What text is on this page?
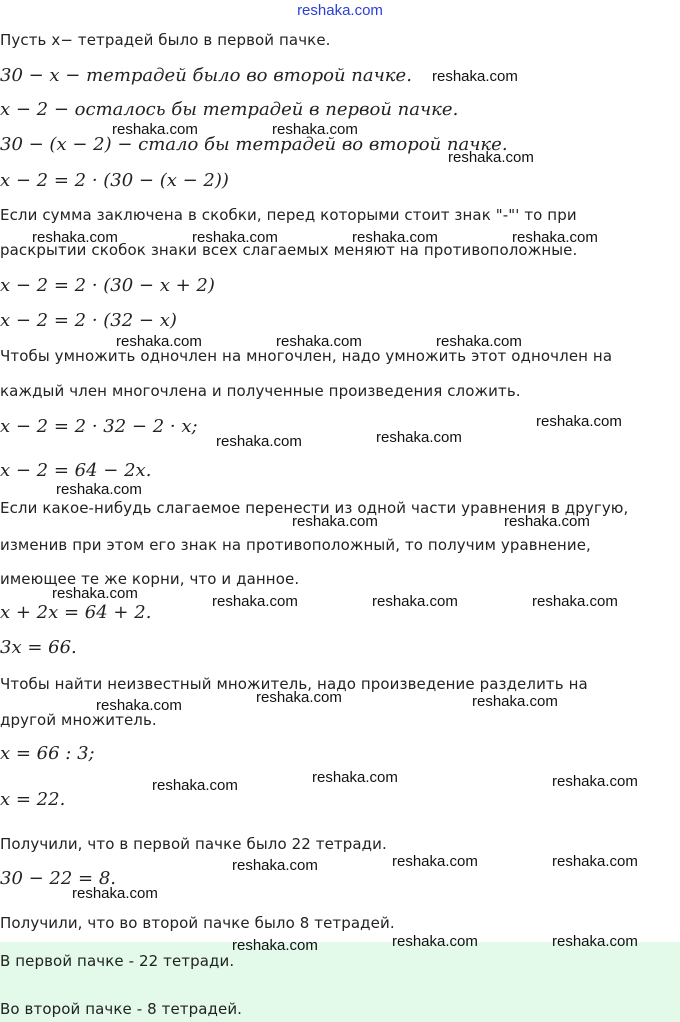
reshaka.com
Пусть x− тетрадей было в первой пачке.
30 − x − тетрадей было во второй пачке.
x − 2 − осталось бы тетрадей в первой пачке.
30 − (x − 2) − стало бы тетрадей во второй пачке.
x − 2 = 2 · (30 − (x − 2))
Если сумма заключена в скобки, перед которыми стоит знак "-"' то при
раскрытии скобок знаки всех слагаемых меняют на противоположные.
x − 2 = 2 · (30 − x + 2)
x − 2 = 2 · (32 − x)
Чтобы умножить одночлен на многочлен, надо умножить этот одночлен на
каждый член многочлена и полученные произведения сложить.
x − 2 = 2 · 32 − 2 · x;
x − 2 = 64 − 2x.
Если какое-нибудь слагаемое перенести из одной части уравнения в другую,
изменив при этом его знак на противоположный, то получим уравнение,
имеющее те же корни, что и данное.
x + 2x = 64 + 2.
3x = 66.
Чтобы найти неизвестный множитель, надо произведение разделить на
другой множитель.
x = 66 : 3;
x = 22.
Получили, что в первой пачке было 22 тетради.
30 − 22 = 8.
Получили, что во второй пачке было 8 тетрадей.
В первой пачке - 22 тетради.
Во второй пачке - 8 тетрадей.
reshaka.com
reshaka.com	reshaka.com
reshaka.com
reshaka.com	reshaka.com	reshaka.com	reshaka.com
reshaka.com	reshaka.com	reshaka.com
reshaka.com
reshaka.com
reshaka.com
reshaka.com
reshaka.com	reshaka.com
reshaka.com	reshaka.com	reshaka.com	reshaka.com
reshaka.com
reshaka.com	reshaka.com
reshaka.com	reshaka.com
reshaka.com
reshaka.com	reshaka.com
reshaka.com
reshaka.com
reshaka.com	reshaka.com
reshaka.com
